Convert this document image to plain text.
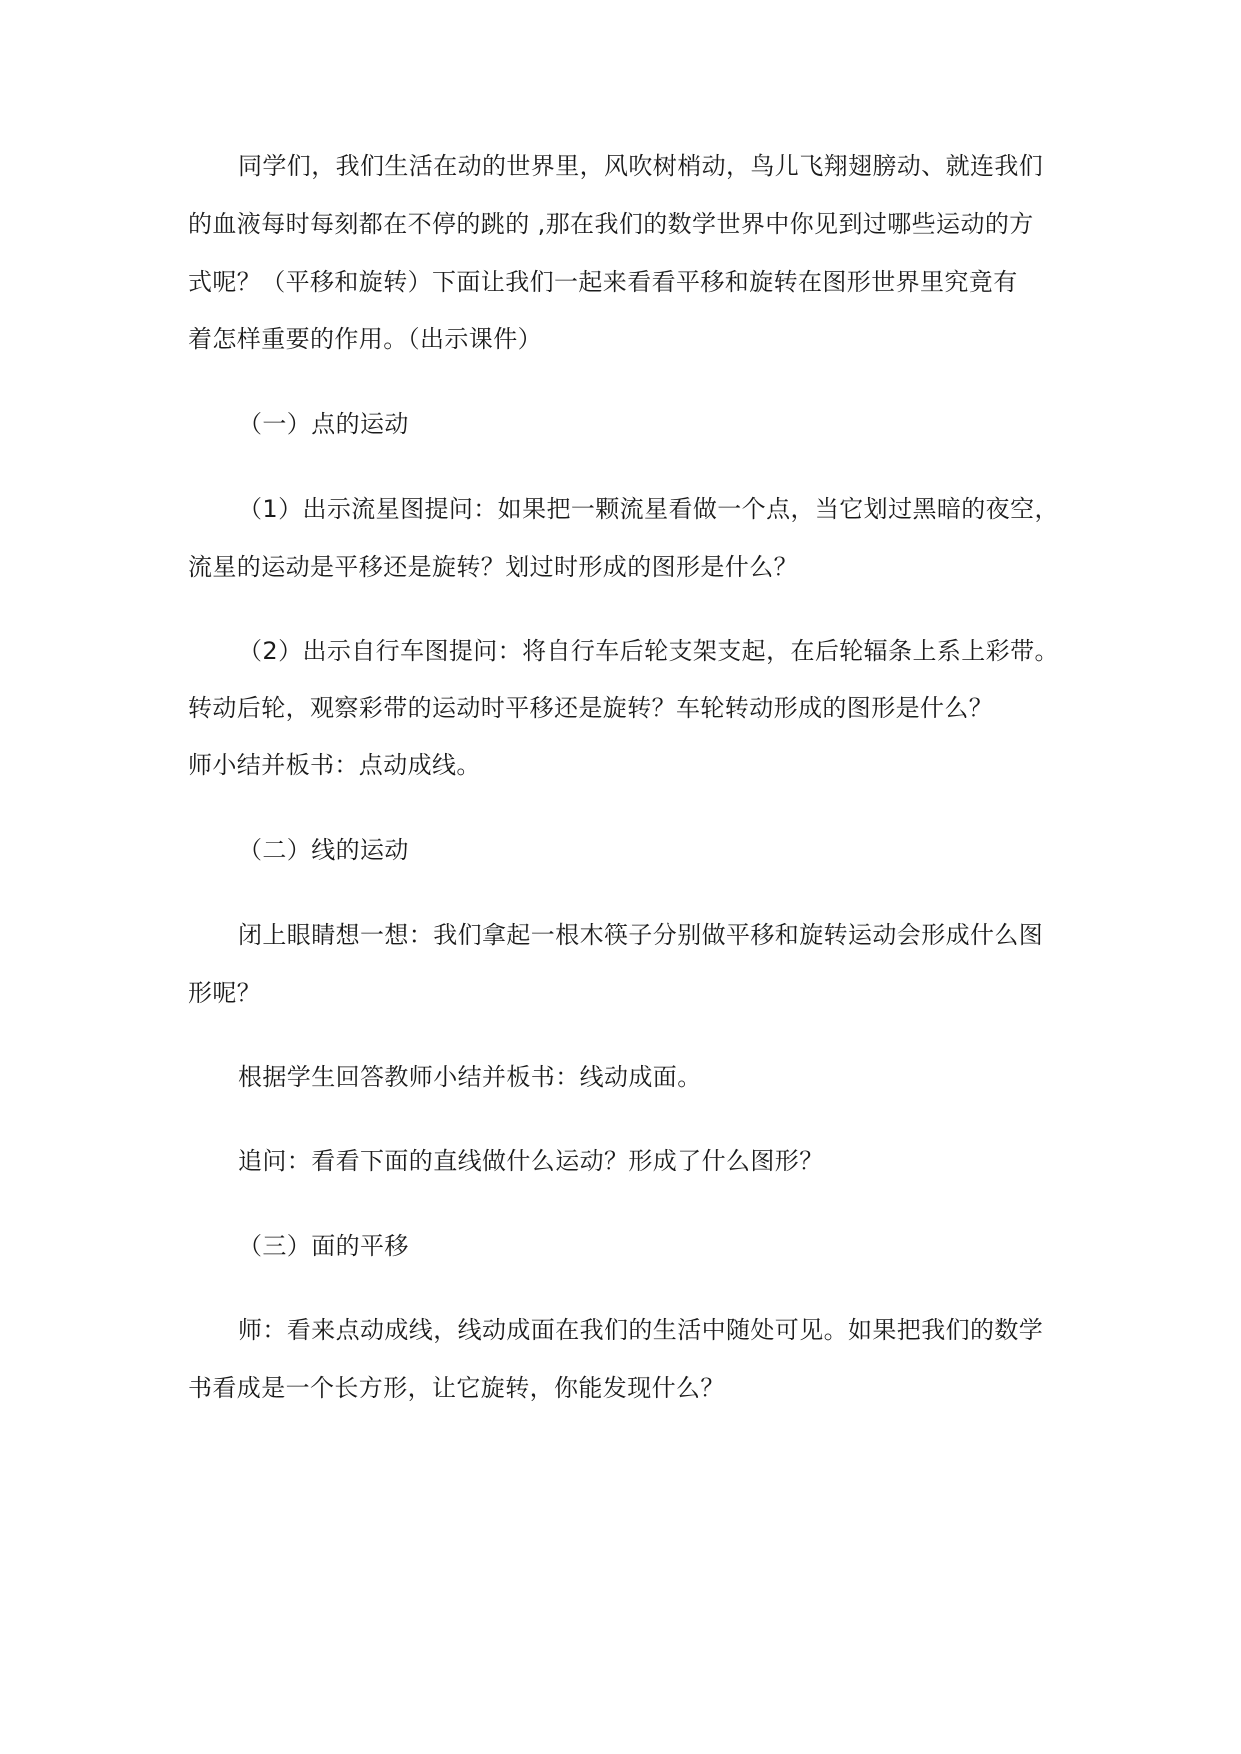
同学们，我们生活在动的世界里，风吹树梢动，鸟儿飞翔翅膀动、就连我们
的血液每时每刻都在不停的跳的 ,那在我们的数学世界中你见到过哪些运动的方
式呢？（平移和旋转）下面让我们一起来看看平移和旋转在图形世界里究竟有
着怎样重要的作用。（出示课件）
（一）点的运动
（1）出示流星图提问：如果把一颗流星看做一个点，当它划过黑暗的夜空，
流星的运动是平移还是旋转？划过时形成的图形是什么？
（2）出示自行车图提问：将自行车后轮支架支起，在后轮辐条上系上彩带。
转动后轮，观察彩带的运动时平移还是旋转？车轮转动形成的图形是什么？
师小结并板书：点动成线。
（二）线的运动
闭上眼睛想一想：我们拿起一根木筷子分别做平移和旋转运动会形成什么图
形呢？
根据学生回答教师小结并板书：线动成面。
追问：看看下面的直线做什么运动？形成了什么图形？
（三）面的平移
师：看来点动成线，线动成面在我们的生活中随处可见。如果把我们的数学
书看成是一个长方形，让它旋转，你能发现什么？
